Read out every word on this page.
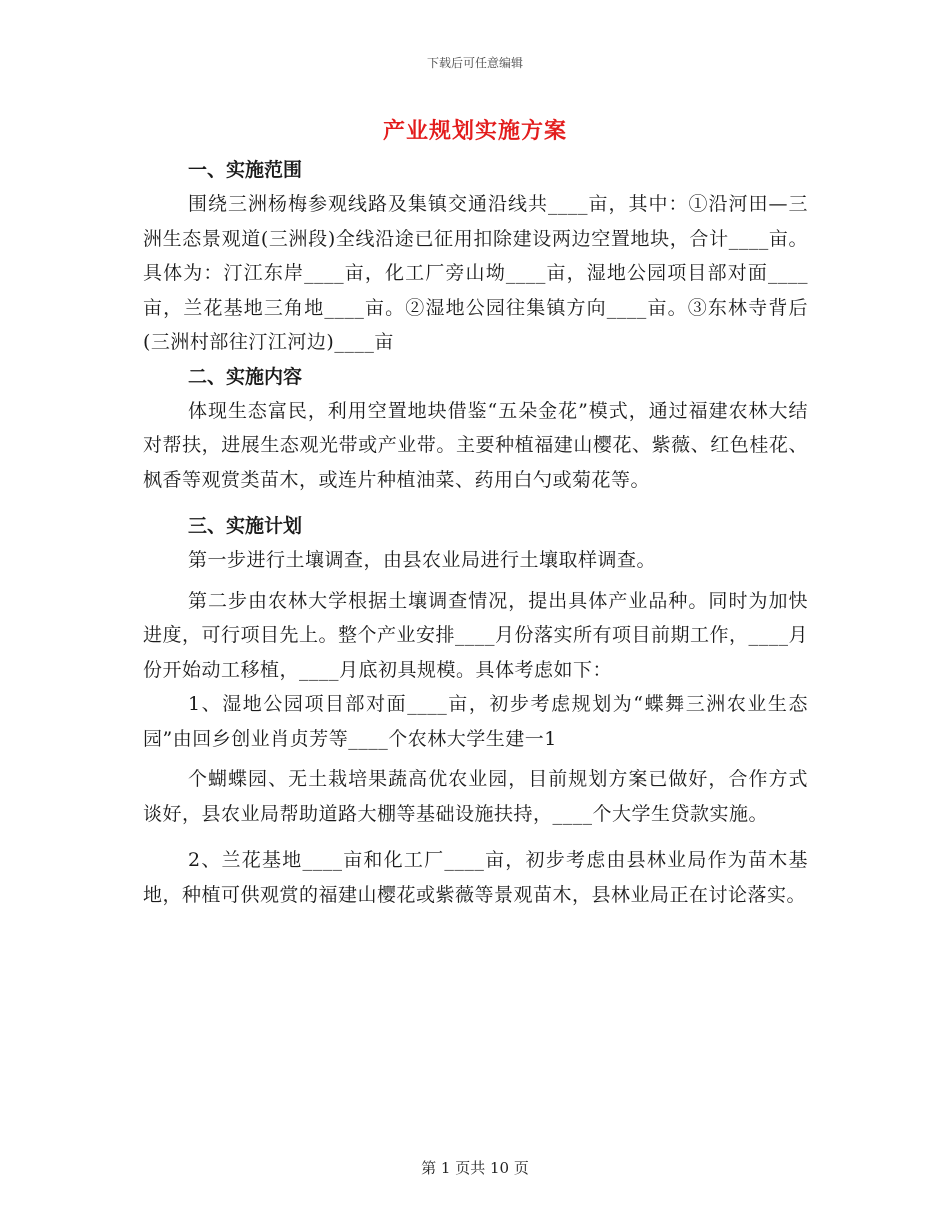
下载后可任意编辑
产业规划实施方案

一、实施范围

围绕三洲杨梅参观线路及集镇交通沿线共____亩，其中：①沿河田—三洲生态景观道(三洲段)全线沿途已征用扣除建设两边空置地块，合计____亩。具体为：汀江东岸____亩，化工厂旁山坳____亩，湿地公园项目部对面____亩，兰花基地三角地____亩。②湿地公园往集镇方向____亩。③东林寺背后(三洲村部往汀江河边)____亩

二、实施内容

体现生态富民，利用空置地块借鉴“五朵金花”模式，通过福建农林大结对帮扶，进展生态观光带或产业带。主要种植福建山樱花、紫薇、红色桂花、枫香等观赏类苗木，或连片种植油菜、药用白勺或菊花等。

三、实施计划

第一步进行土壤调查，由县农业局进行土壤取样调查。

第二步由农林大学根据土壤调查情况，提出具体产业品种。同时为加快进度，可行项目先上。整个产业安排____月份落实所有项目前期工作，____月份开始动工移植，____月底初具规模。具体考虑如下：

1、湿地公园项目部对面____亩，初步考虑规划为“蝶舞三洲农业生态园”由回乡创业肖贞芳等____个农林大学生建一1

个蝴蝶园、无土栽培果蔬高优农业园，目前规划方案已做好，合作方式谈好，县农业局帮助道路大棚等基础设施扶持，____个大学生贷款实施。

2、兰花基地____亩和化工厂____亩，初步考虑由县林业局作为苗木基地，种植可供观赏的福建山樱花或紫薇等景观苗木，县林业局正在讨论落实。

第 1 页共 10 页
